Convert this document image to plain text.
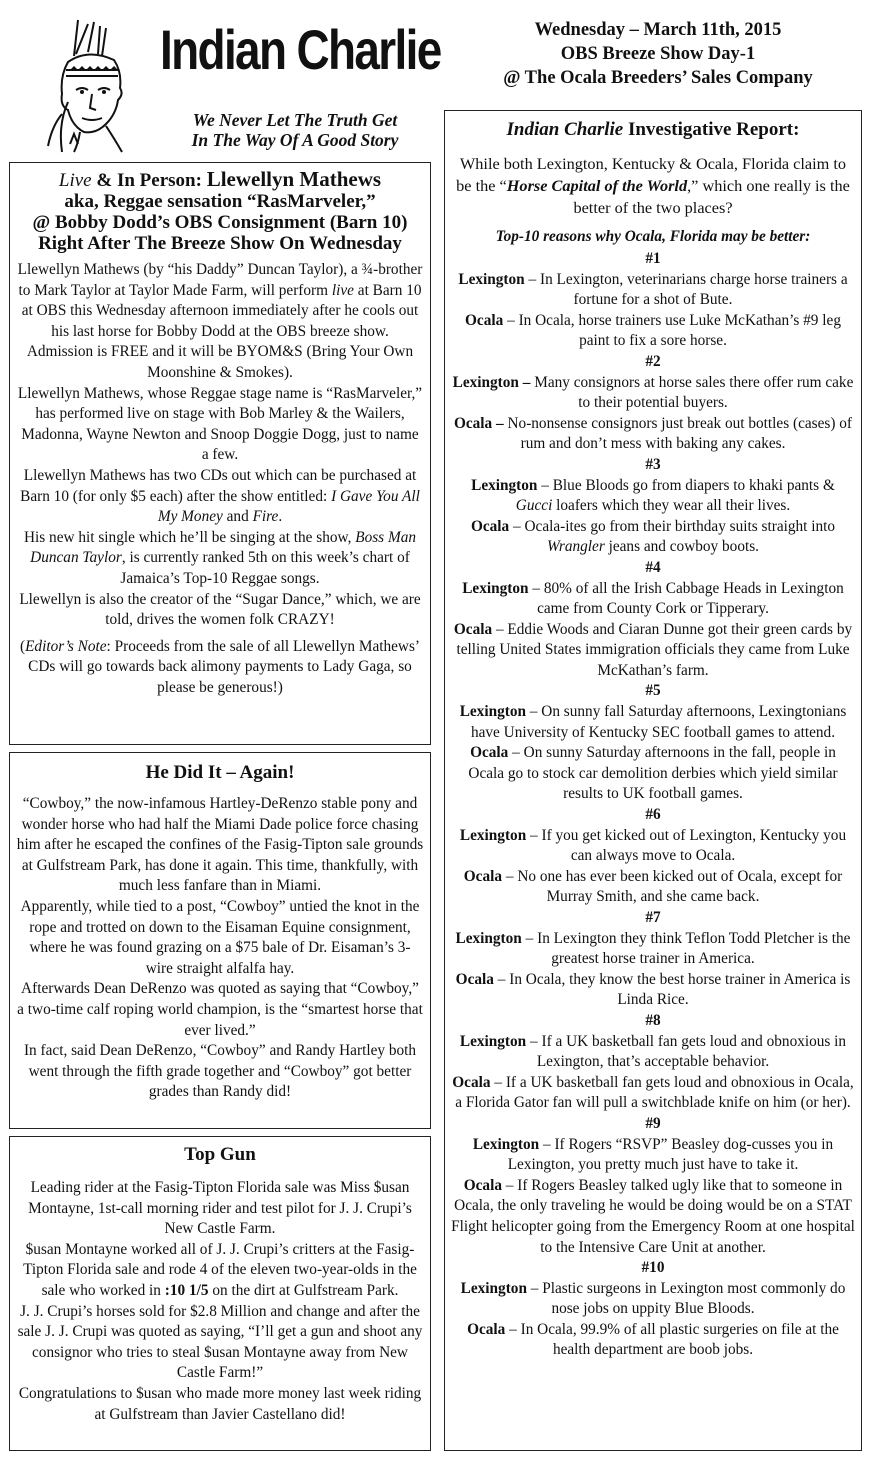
Indian Charlie
We Never Let The Truth Get
In The Way Of A Good Story
Wednesday – March 11th, 2015
OBS Breeze Show Day-1
@ The Ocala Breeders’ Sales Company
Live & In Person: Llewellyn Mathews
aka, Reggae sensation “RasMarveler,”
@ Bobby Dodd’s OBS Consignment (Barn 10)
Right After The Breeze Show On Wednesday

Llewellyn Mathews (by “his Daddy” Duncan Taylor), a ¾-brother to Mark Taylor at Taylor Made Farm, will perform live at Barn 10 at OBS this Wednesday afternoon immediately after he cools out his last horse for Bobby Dodd at the OBS breeze show.

Admission is FREE and it will be BYOM&S (Bring Your Own Moonshine & Smokes).

Llewellyn Mathews, whose Reggae stage name is “RasMarveler,” has performed live on stage with Bob Marley & the Wailers, Madonna, Wayne Newton and Snoop Doggie Dogg, just to name a few.

Llewellyn Mathews has two CDs out which can be purchased at Barn 10 (for only $5 each) after the show entitled: I Gave You All My Money and Fire.

His new hit single which he’ll be singing at the show, Boss Man Duncan Taylor, is currently ranked 5th on this week’s chart of Jamaica’s Top-10 Reggae songs.

Llewellyn is also the creator of the “Sugar Dance,” which, we are told, drives the women folk CRAZY!

(Editor’s Note: Proceeds from the sale of all Llewellyn Mathews’ CDs will go towards back alimony payments to Lady Gaga, so please be generous!)

He Did It – Again!

“Cowboy,” the now-infamous Hartley-DeRenzo stable pony and wonder horse who had half the Miami Dade police force chasing him after he escaped the confines of the Fasig-Tipton sale grounds at Gulfstream Park, has done it again. This time, thankfully, with much less fanfare than in Miami.

Apparently, while tied to a post, “Cowboy” untied the knot in the rope and trotted on down to the Eisaman Equine consignment, where he was found grazing on a $75 bale of Dr. Eisaman’s 3-wire straight alfalfa hay.

Afterwards Dean DeRenzo was quoted as saying that “Cowboy,” a two-time calf roping world champion, is the “smartest horse that ever lived.”

In fact, said Dean DeRenzo, “Cowboy” and Randy Hartley both went through the fifth grade together and “Cowboy” got better grades than Randy did!

Top Gun

Leading rider at the Fasig-Tipton Florida sale was Miss $usan Montayne, 1st-call morning rider and test pilot for J. J. Crupi’s New Castle Farm.

$usan Montayne worked all of J. J. Crupi’s critters at the Fasig-Tipton Florida sale and rode 4 of the eleven two-year-olds in the sale who worked in :10 1/5 on the dirt at Gulfstream Park.

J. J. Crupi’s horses sold for $2.8 Million and change and after the sale J. J. Crupi was quoted as saying, “I’ll get a gun and shoot any consignor who tries to steal $usan Montayne away from New Castle Farm!”

Congratulations to $usan who made more money last week riding at Gulfstream than Javier Castellano did!

Indian Charlie Investigative Report:
While both Lexington, Kentucky & Ocala, Florida claim to be the “Horse Capital of the World,” which one really is the better of the two places?
Top-10 reasons why Ocala, Florida may be better:
#1

Lexington – In Lexington, veterinarians charge horse trainers a fortune for a shot of Bute.

Ocala – In Ocala, horse trainers use Luke McKathan’s #9 leg paint to fix a sore horse.

#2

Lexington – Many consignors at horse sales there offer rum cake to their potential buyers.

Ocala – No-nonsense consignors just break out bottles (cases) of rum and don’t mess with baking any cakes.

#3

Lexington – Blue Bloods go from diapers to khaki pants & Gucci loafers which they wear all their lives.

Ocala – Ocala-ites go from their birthday suits straight into Wrangler jeans and cowboy boots.

#4

Lexington – 80% of all the Irish Cabbage Heads in Lexington came from County Cork or Tipperary.

Ocala – Eddie Woods and Ciaran Dunne got their green cards by telling United States immigration officials they came from Luke McKathan’s farm.

#5

Lexington – On sunny fall Saturday afternoons, Lexingtonians have University of Kentucky SEC football games to attend.

Ocala – On sunny Saturday afternoons in the fall, people in Ocala go to stock car demolition derbies which yield similar results to UK football games.

#6

Lexington – If you get kicked out of Lexington, Kentucky you can always move to Ocala.

Ocala – No one has ever been kicked out of Ocala, except for Murray Smith, and she came back.

#7

Lexington – In Lexington they think Teflon Todd Pletcher is the greatest horse trainer in America.

Ocala – In Ocala, they know the best horse trainer in America is Linda Rice.

#8

Lexington – If a UK basketball fan gets loud and obnoxious in Lexington, that’s acceptable behavior.

Ocala – If a UK basketball fan gets loud and obnoxious in Ocala, a Florida Gator fan will pull a switchblade knife on him (or her).

#9

Lexington – If Rogers “RSVP” Beasley dog-cusses you in Lexington, you pretty much just have to take it.

Ocala – If Rogers Beasley talked ugly like that to someone in Ocala, the only traveling he would be doing would be on a STAT Flight helicopter going from the Emergency Room at one hospital to the Intensive Care Unit at another.

#10

Lexington – Plastic surgeons in Lexington most commonly do nose jobs on uppity Blue Bloods.

Ocala – In Ocala, 99.9% of all plastic surgeries on file at the health department are boob jobs.
